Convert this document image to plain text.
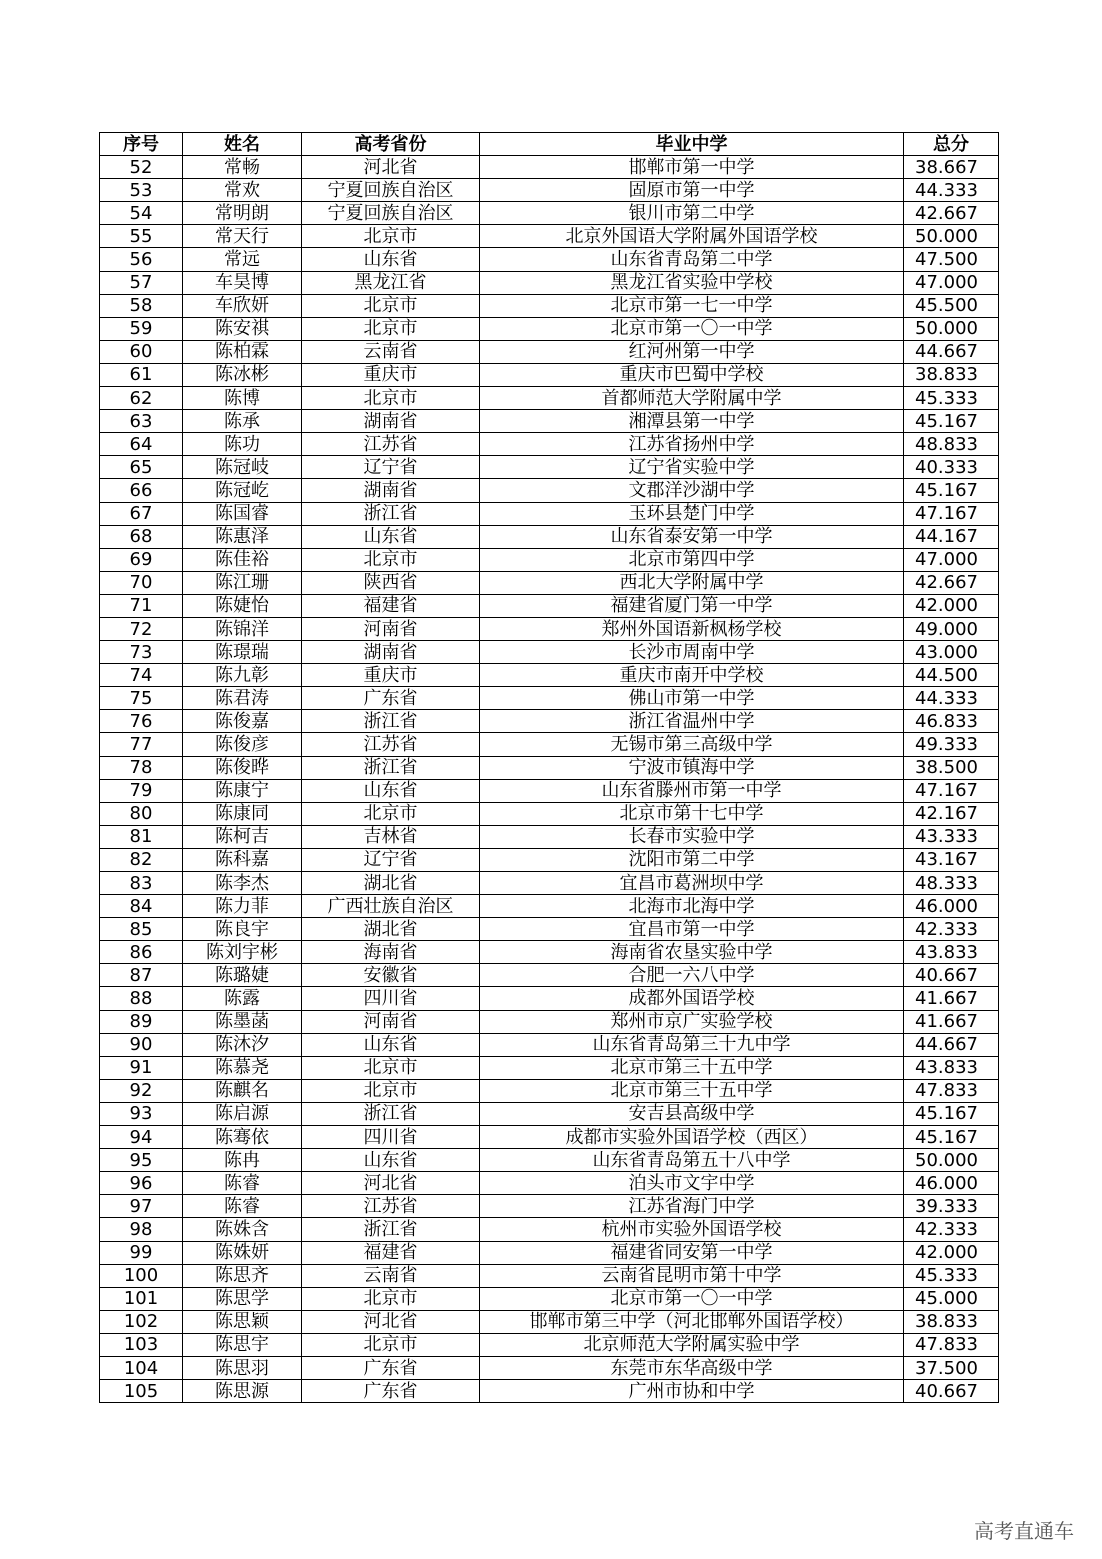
序号	姓名	高考省份	毕业中学	总分
52	常畅	河北省	邯郸市第一中学	38.667
53	常欢	宁夏回族自治区	固原市第一中学	44.333
54	常明朗	宁夏回族自治区	银川市第二中学	42.667
55	常天行	北京市	北京外国语大学附属外国语学校	50.000
56	常远	山东省	山东省青岛第二中学	47.500
57	车昊博	黑龙江省	黑龙江省实验中学校	47.000
58	车欣妍	北京市	北京市第一七一中学	45.500
59	陈安祺	北京市	北京市第一〇一中学	50.000
60	陈柏霖	云南省	红河州第一中学	44.667
61	陈冰彬	重庆市	重庆市巴蜀中学校	38.833
62	陈博	北京市	首都师范大学附属中学	45.333
63	陈承	湖南省	湘潭县第一中学	45.167
64	陈功	江苏省	江苏省扬州中学	48.833
65	陈冠岐	辽宁省	辽宁省实验中学	40.333
66	陈冠屹	湖南省	文郡洋沙湖中学	45.167
67	陈国睿	浙江省	玉环县楚门中学	47.167
68	陈惠泽	山东省	山东省泰安第一中学	44.167
69	陈佳裕	北京市	北京市第四中学	47.000
70	陈江珊	陕西省	西北大学附属中学	42.667
71	陈婕怡	福建省	福建省厦门第一中学	42.000
72	陈锦洋	河南省	郑州外国语新枫杨学校	49.000
73	陈璟瑞	湖南省	长沙市周南中学	43.000
74	陈九彰	重庆市	重庆市南开中学校	44.500
75	陈君涛	广东省	佛山市第一中学	44.333
76	陈俊嘉	浙江省	浙江省温州中学	46.833
77	陈俊彦	江苏省	无锡市第三高级中学	49.333
78	陈俊晔	浙江省	宁波市镇海中学	38.500
79	陈康宁	山东省	山东省滕州市第一中学	47.167
80	陈康同	北京市	北京市第十七中学	42.167
81	陈柯吉	吉林省	长春市实验中学	43.333
82	陈科嘉	辽宁省	沈阳市第二中学	43.167
83	陈李杰	湖北省	宜昌市葛洲坝中学	48.333
84	陈力菲	广西壮族自治区	北海市北海中学	46.000
85	陈良宇	湖北省	宜昌市第一中学	42.333
86	陈刘宇彬	海南省	海南省农垦实验中学	43.833
87	陈璐婕	安徽省	合肥一六八中学	40.667
88	陈露	四川省	成都外国语学校	41.667
89	陈墨菡	河南省	郑州市京广实验学校	41.667
90	陈沐汐	山东省	山东省青岛第三十九中学	44.667
91	陈慕尧	北京市	北京市第三十五中学	43.833
92	陈麒名	北京市	北京市第三十五中学	47.833
93	陈启源	浙江省	安吉县高级中学	45.167
94	陈骞依	四川省	成都市实验外国语学校（西区）	45.167
95	陈冉	山东省	山东省青岛第五十八中学	50.000
96	陈睿	河北省	泊头市文宇中学	46.000
97	陈睿	江苏省	江苏省海门中学	39.333
98	陈姝含	浙江省	杭州市实验外国语学校	42.333
99	陈姝妍	福建省	福建省同安第一中学	42.000
100	陈思齐	云南省	云南省昆明市第十中学	45.333
101	陈思学	北京市	北京市第一〇一中学	45.000
102	陈思颖	河北省	邯郸市第三中学（河北邯郸外国语学校）	38.833
103	陈思宇	北京市	北京师范大学附属实验中学	47.833
104	陈思羽	广东省	东莞市东华高级中学	37.500
105	陈思源	广东省	广州市协和中学	40.667
高考直通车
